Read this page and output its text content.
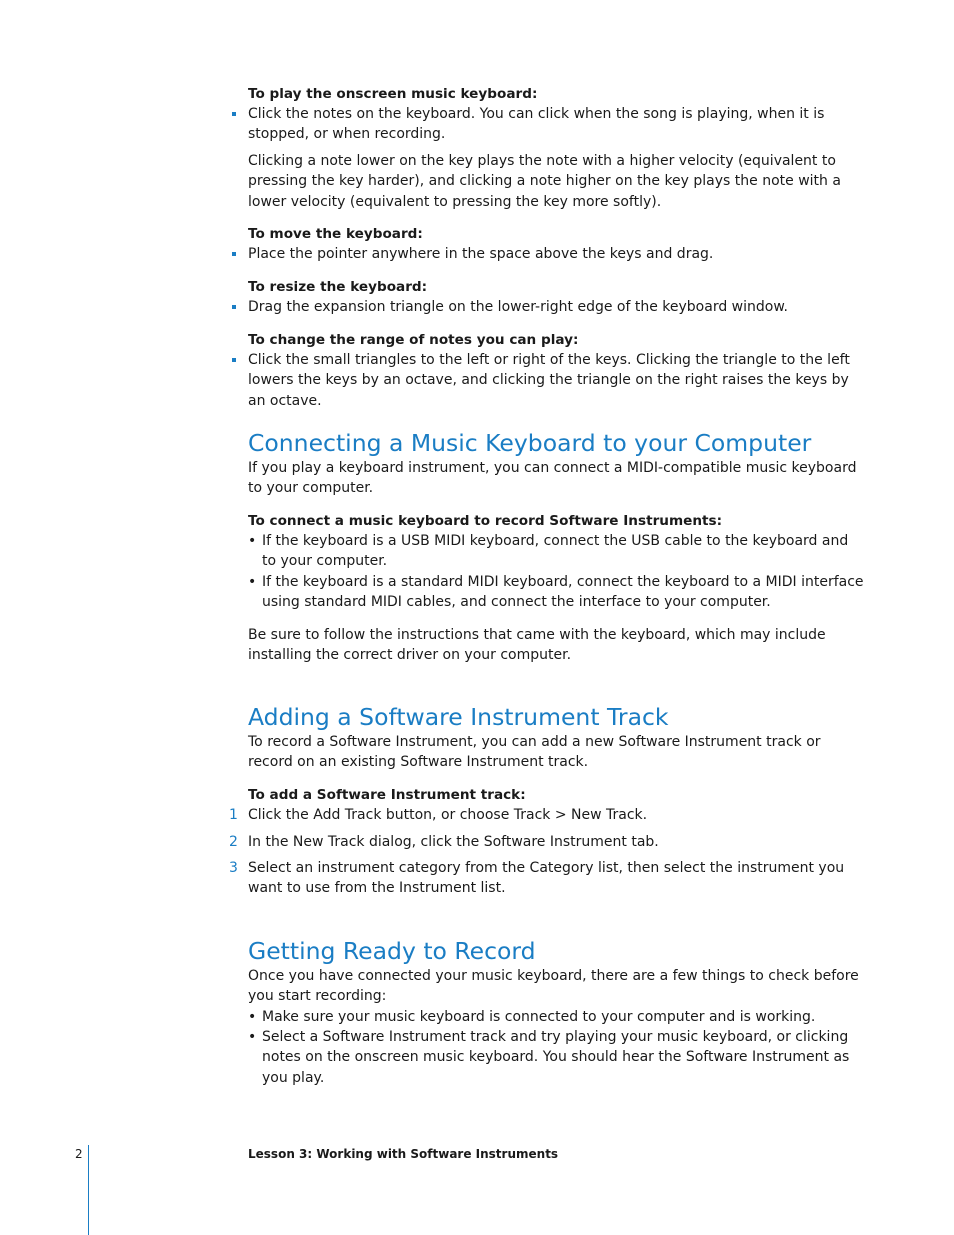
To play the onscreen music keyboard:

Click the notes on the keyboard. You can click when the song is playing, when it is stopped, or when recording.

Clicking a note lower on the key plays the note with a higher velocity (equivalent to pressing the key harder), and clicking a note higher on the key plays the note with a lower velocity (equivalent to pressing the key more softly).

To move the keyboard:

Place the pointer anywhere in the space above the keys and drag.

To resize the keyboard:

Drag the expansion triangle on the lower-right edge of the keyboard window.

To change the range of notes you can play:

Click the small triangles to the left or right of the keys. Clicking the triangle to the left lowers the keys by an octave, and clicking the triangle on the right raises the keys by an octave.

Connecting a Music Keyboard to your Computer

If you play a keyboard instrument, you can connect a MIDI-compatible music keyboard to your computer.

To connect a music keyboard to record Software Instruments:

• If the keyboard is a USB MIDI keyboard, connect the USB cable to the keyboard and to your computer.

• If the keyboard is a standard MIDI keyboard, connect the keyboard to a MIDI interface using standard MIDI cables, and connect the interface to your computer.

Be sure to follow the instructions that came with the keyboard, which may include installing the correct driver on your computer.

Adding a Software Instrument Track

To record a Software Instrument, you can add a new Software Instrument track or record on an existing Software Instrument track.

To add a Software Instrument track:

1 Click the Add Track button, or choose Track > New Track.

2 In the New Track dialog, click the Software Instrument tab.

3 Select an instrument category from the Category list, then select the instrument you want to use from the Instrument list.

Getting Ready to Record

Once you have connected your music keyboard, there are a few things to check before you start recording:

• Make sure your music keyboard is connected to your computer and is working.

• Select a Software Instrument track and try playing your music keyboard, or clicking notes on the onscreen music keyboard. You should hear the Software Instrument as you play.

2	Lesson 3: Working with Software Instruments
